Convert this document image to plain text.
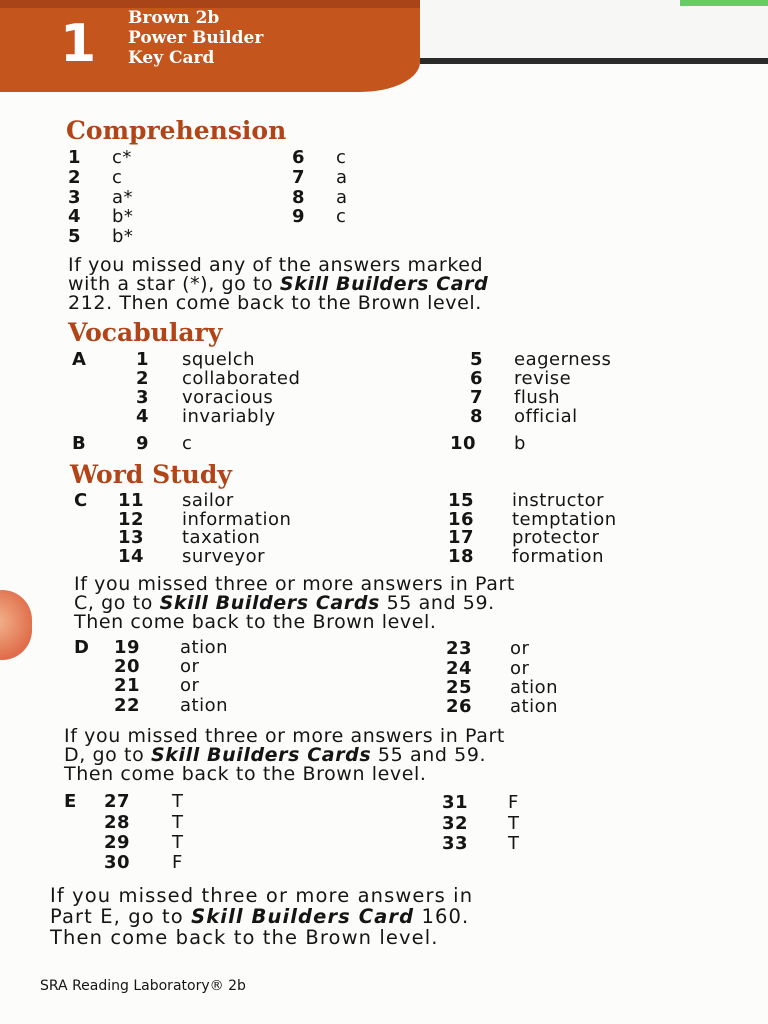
1 Brown 2b
Power Builder
Key Card
Comprehension
1 c*
2 c
3 a*
4 b*
5 b*
6 c
7 a
8 a
9 c
If you missed any of the answers marked
with a star (*), go to Skill Builders Card
212. Then come back to the Brown level.
Vocabulary
A	1 squelch
2 collaborated
3 voracious
4 invariably
5 eagerness
6 revise
7 flush
8 official
B	9 c	10 b
Word Study
C 11 sailor
12 information
13 taxation
14 surveyor
15 instructor
16 temptation
17 protector
18 formation
If you missed three or more answers in Part
C, go to Skill Builders Cards 55 and 59.
Then come back to the Brown level.
D 19 ation
20 or
21 or
22 ation
23 or
24 or
25 ation
26 ation
If you missed three or more answers in Part
D, go to Skill Builders Cards 55 and 59.
Then come back to the Brown level.
E 27 T
28 T
29 T
30 F
31 F
32 T
33 T
If you missed three or more answers in
Part E, go to Skill Builders Card 160.
Then come back to the Brown level.
SRA Reading Laboratory® 2b
